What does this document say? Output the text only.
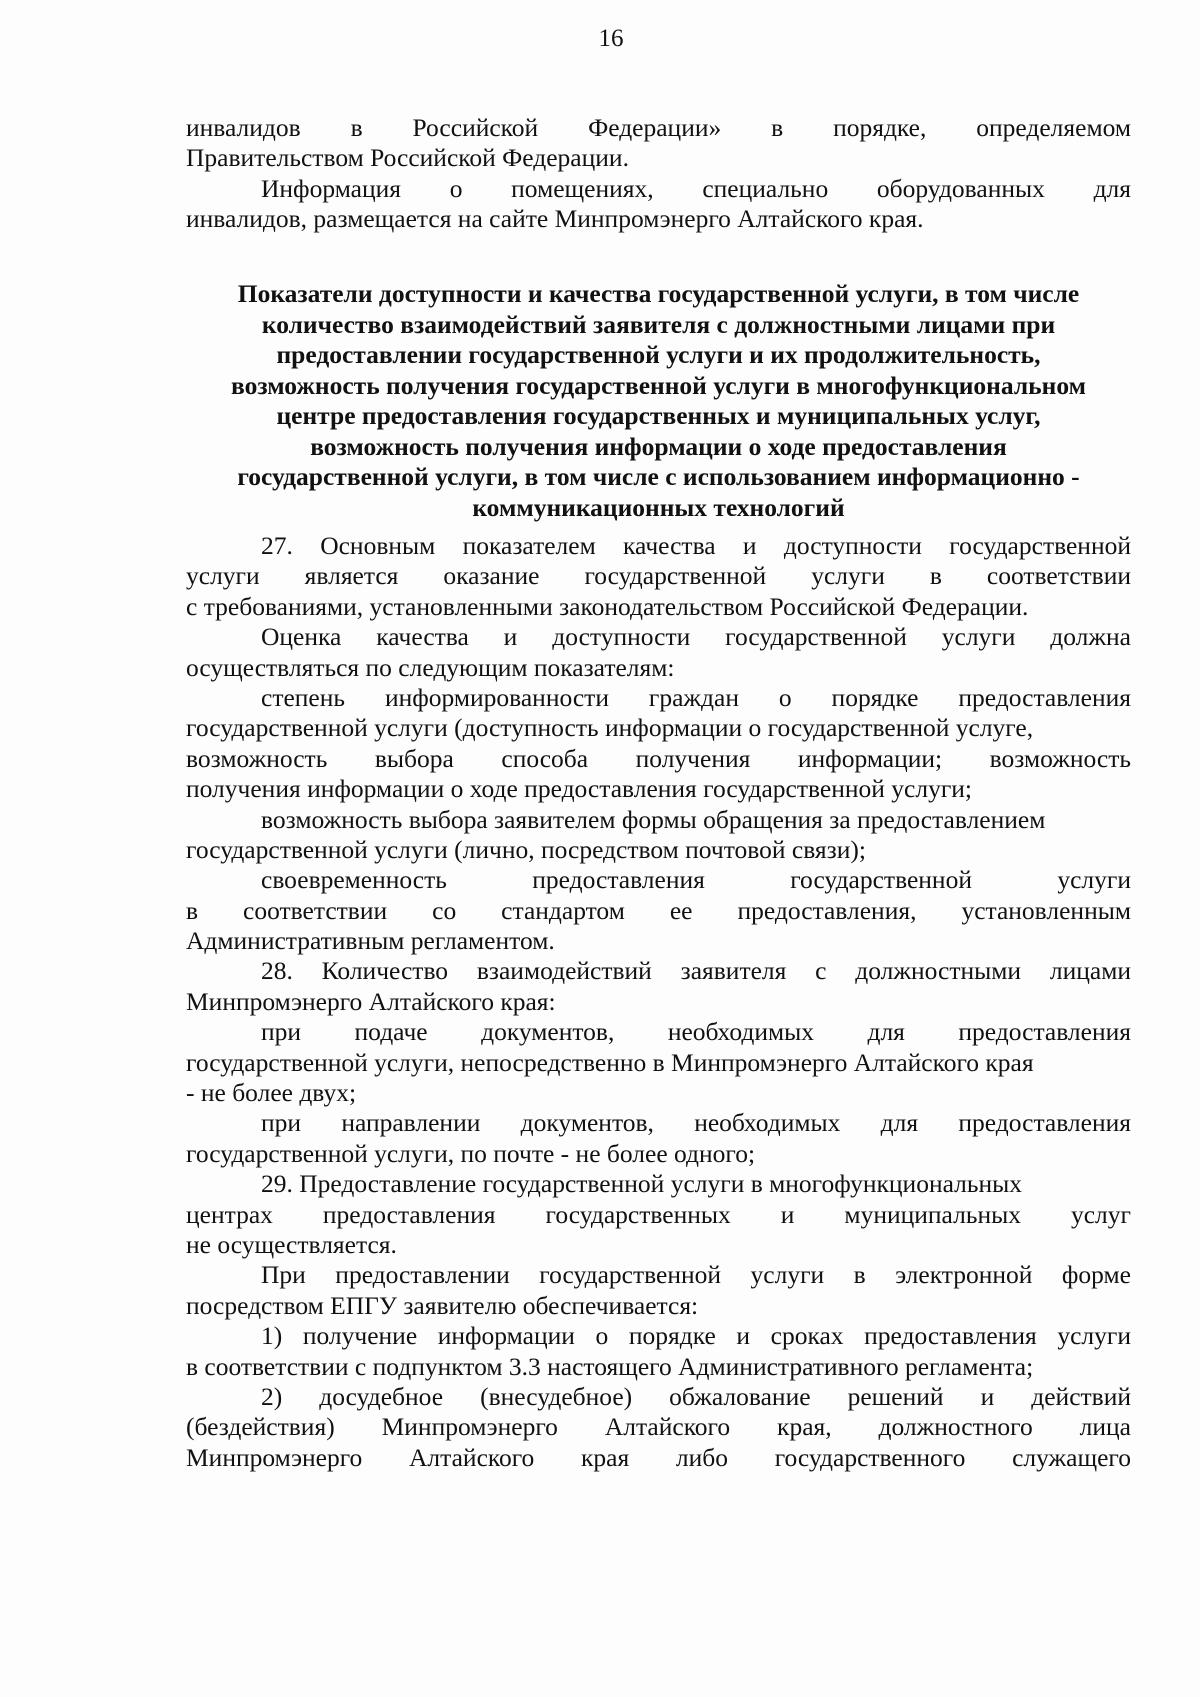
16
инвалидов в Российской Федерации» в порядке, определяемом
Правительством Российской Федерации.
Информация о помещениях, специально оборудованных для
инвалидов, размещается на сайте Минпромэнерго Алтайского края.
Показатели доступности и качества государственной услуги, в том числе
количество взаимодействий заявителя с должностными лицами при
предоставлении государственной услуги и их продолжительность,
возможность получения государственной услуги в многофункциональном
центре предоставления государственных и муниципальных услуг,
возможность получения информации о ходе предоставления
государственной услуги, в том числе с использованием информационно -
коммуникационных технологий
27. Основным показателем качества и доступности государственной
услуги является оказание государственной услуги в соответствии
с требованиями, установленными законодательством Российской Федерации.
Оценка качества и доступности государственной услуги должна
осуществляться по следующим показателям:
степень информированности граждан о порядке предоставления
государственной услуги (доступность информации о государственной услуге,
возможность выбора способа получения информации; возможность
получения информации о ходе предоставления государственной услуги;
возможность выбора заявителем формы обращения за предоставлением
государственной услуги (лично, посредством почтовой связи);
своевременность предоставления государственной услуги
в соответствии со стандартом ее предоставления, установленным
Административным регламентом.
28. Количество взаимодействий заявителя с должностными лицами
Минпромэнерго Алтайского края:
при подаче документов, необходимых для предоставления
государственной услуги, непосредственно в Минпромэнерго Алтайского края
- не более двух;
при направлении документов, необходимых для предоставления
государственной услуги, по почте - не более одного;
29. Предоставление государственной услуги в многофункциональных
центрах предоставления государственных и муниципальных услуг
не осуществляется.
При предоставлении государственной услуги в электронной форме
посредством ЕПГУ заявителю обеспечивается:
1) получение информации о порядке и сроках предоставления услуги
в соответствии с подпунктом 3.3 настоящего Административного регламента;
2) досудебное (внесудебное) обжалование решений и действий
(бездействия) Минпромэнерго Алтайского края, должностного лица
Минпромэнерго Алтайского края либо государственного служащего
